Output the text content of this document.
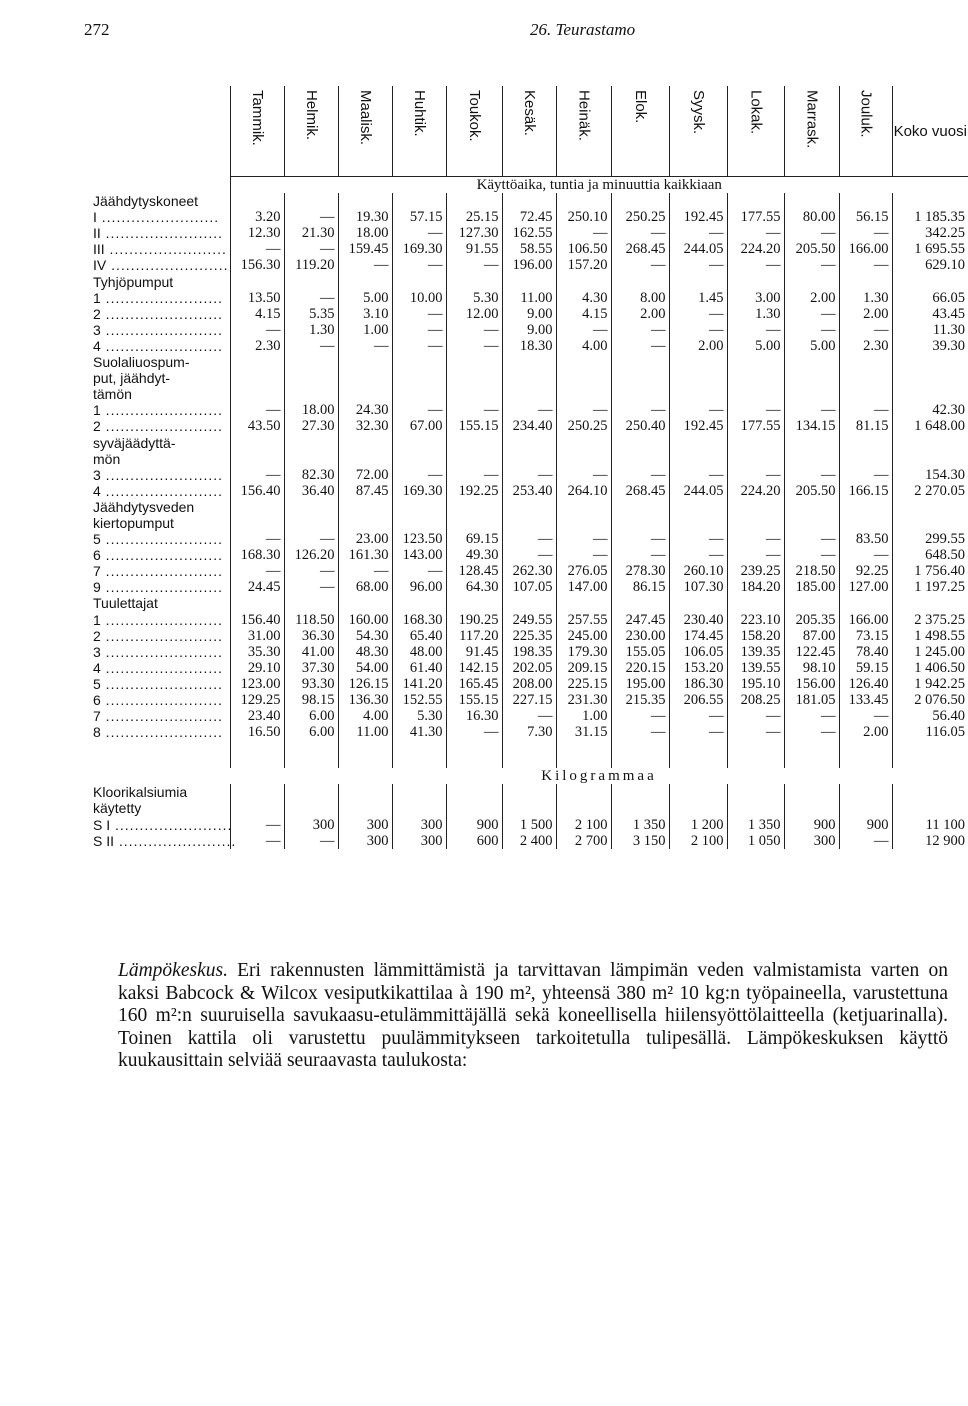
272	26. Teurastamo

	Tammik.	Helmik.	Maalisk.	Huhtik.	Toukok.	Kesäk.	Heinäk.	Elok.	Syysk.	Lokak.	Marrask.	Jouluk.	Koko vuosi
	Käyttöaika, tuntia ja minuuttia kaikkiaan												
Jäähdytyskoneet													
I ........................	3.20	—	19.30	57.15	25.15	72.45	250.10	250.25	192.45	177.55	80.00	56.15	1 185.35
II ........................	12.30	21.30	18.00	—	127.30	162.55	—	—	—	—	—	—	342.25
III ........................	—	—	159.45	169.30	91.55	58.55	106.50	268.45	244.05	224.20	205.50	166.00	1 695.55
IV ........................	156.30	119.20	—	—	—	196.00	157.20	—	—	—	—	—	629.10
Tyhjöpumput													
1 ........................	13.50	—	5.00	10.00	5.30	11.00	4.30	8.00	1.45	3.00	2.00	1.30	66.05
2 ........................	4.15	5.35	3.10	—	12.00	9.00	4.15	2.00	—	1.30	—	2.00	43.45
3 ........................	—	1.30	1.00	—	—	9.00	—	—	—	—	—	—	11.30
4 ........................	2.30	—	—	—	—	18.30	4.00	—	2.00	5.00	5.00	2.30	39.30
Suolaliuospum-													
put, jäähdyt-													
tämön													
1 ........................	—	18.00	24.30	—	—	—	—	—	—	—	—	—	42.30
2 ........................	43.50	27.30	32.30	67.00	155.15	234.40	250.25	250.40	192.45	177.55	134.15	81.15	1 648.00
syväjäädyttä-													
mön													
3 ........................	—	82.30	72.00	—	—	—	—	—	—	—	—	—	154.30
4 ........................	156.40	36.40	87.45	169.30	192.25	253.40	264.10	268.45	244.05	224.20	205.50	166.15	2 270.05
Jäähdytysveden													
kiertopumput													
5 ........................	—	—	23.00	123.50	69.15	—	—	—	—	—	—	83.50	299.55
6 ........................	168.30	126.20	161.30	143.00	49.30	—	—	—	—	—	—	—	648.50
7 ........................	—	—	—	—	128.45	262.30	276.05	278.30	260.10	239.25	218.50	92.25	1 756.40
9 ........................	24.45	—	68.00	96.00	64.30	107.05	147.00	86.15	107.30	184.20	185.00	127.00	1 197.25
Tuulettajat													
1 ........................	156.40	118.50	160.00	168.30	190.25	249.55	257.55	247.45	230.40	223.10	205.35	166.00	2 375.25
2 ........................	31.00	36.30	54.30	65.40	117.20	225.35	245.00	230.00	174.45	158.20	87.00	73.15	1 498.55
3 ........................	35.30	41.00	48.30	48.00	91.45	198.35	179.30	155.05	106.05	139.35	122.45	78.40	1 245.00
4 ........................	29.10	37.30	54.00	61.40	142.15	202.05	209.15	220.15	153.20	139.55	98.10	59.15	1 406.50
5 ........................	123.00	93.30	126.15	141.20	165.45	208.00	225.15	195.00	186.30	195.10	156.00	126.40	1 942.25
6 ........................	129.25	98.15	136.30	152.55	155.15	227.15	231.30	215.35	206.55	208.25	181.05	133.45	2 076.50
7 ........................	23.40	6.00	4.00	5.30	16.30	—	1.00	—	—	—	—	—	56.40
8 ........................	16.50	6.00	11.00	41.30	—	7.30	31.15	—	—	—	—	2.00	116.05

	Kilogrammaa												
Kloorikalsiumia													
käytetty													
S I ........................	—	300	300	300	900	1 500	2 100	1 350	1 200	1 350	900	900	11 100
S II ........................	—	—	300	300	600	2 400	2 700	3 150	2 100	1 050	300	—	12 900
Lämpökeskus. Eri rakennusten lämmittämistä ja tarvittavan lämpimän veden valmistamista varten on kaksi Babcock & Wilcox vesiputkikattilaa à 190 m², yhteensä 380 m² 10 kg:n työpaineella, varustettuna 160 m²:n suuruisella savukaasu-etulämmittäjällä sekä koneellisella hiilensyöttölaitteella (ketjuarinalla). Toinen kattila oli varustettu puulämmitykseen tarkoitetulla tulipesällä. Lämpökeskuksen käyttö kuukausittain selviää seuraavasta taulukosta:
